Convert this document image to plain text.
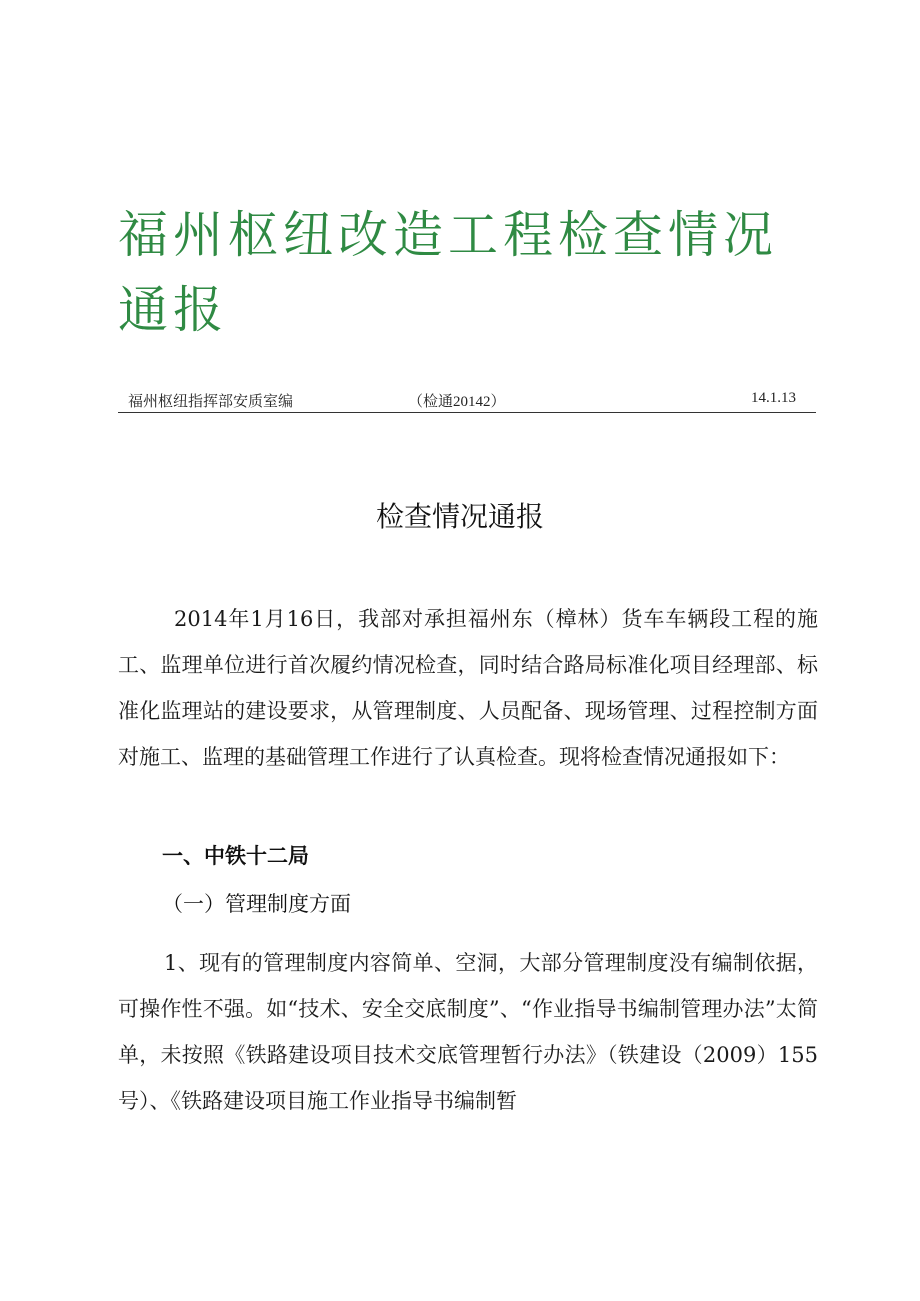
福州枢纽改造工程检查情况通报
福州枢纽指挥部安质室编	（检通20142）	14.1.13
检查情况通报

2014年1月16日，我部对承担福州东（樟林）货车车辆段工程的施工、监理单位进行首次履约情况检查，同时结合路局标准化项目经理部、标准化监理站的建设要求，从管理制度、人员配备、现场管理、过程控制方面对施工、监理的基础管理工作进行了认真检查。现将检查情况通报如下：

一、中铁十二局
（一）管理制度方面

1、现有的管理制度内容简单、空洞，大部分管理制度没有编制依据，可操作性不强。如“技术、安全交底制度”、“作业指导书编制管理办法”太简单，未按照《铁路建设项目技术交底管理暂行办法》（铁建设（2009）155号）、《铁路建设项目施工作业指导书编制暂
